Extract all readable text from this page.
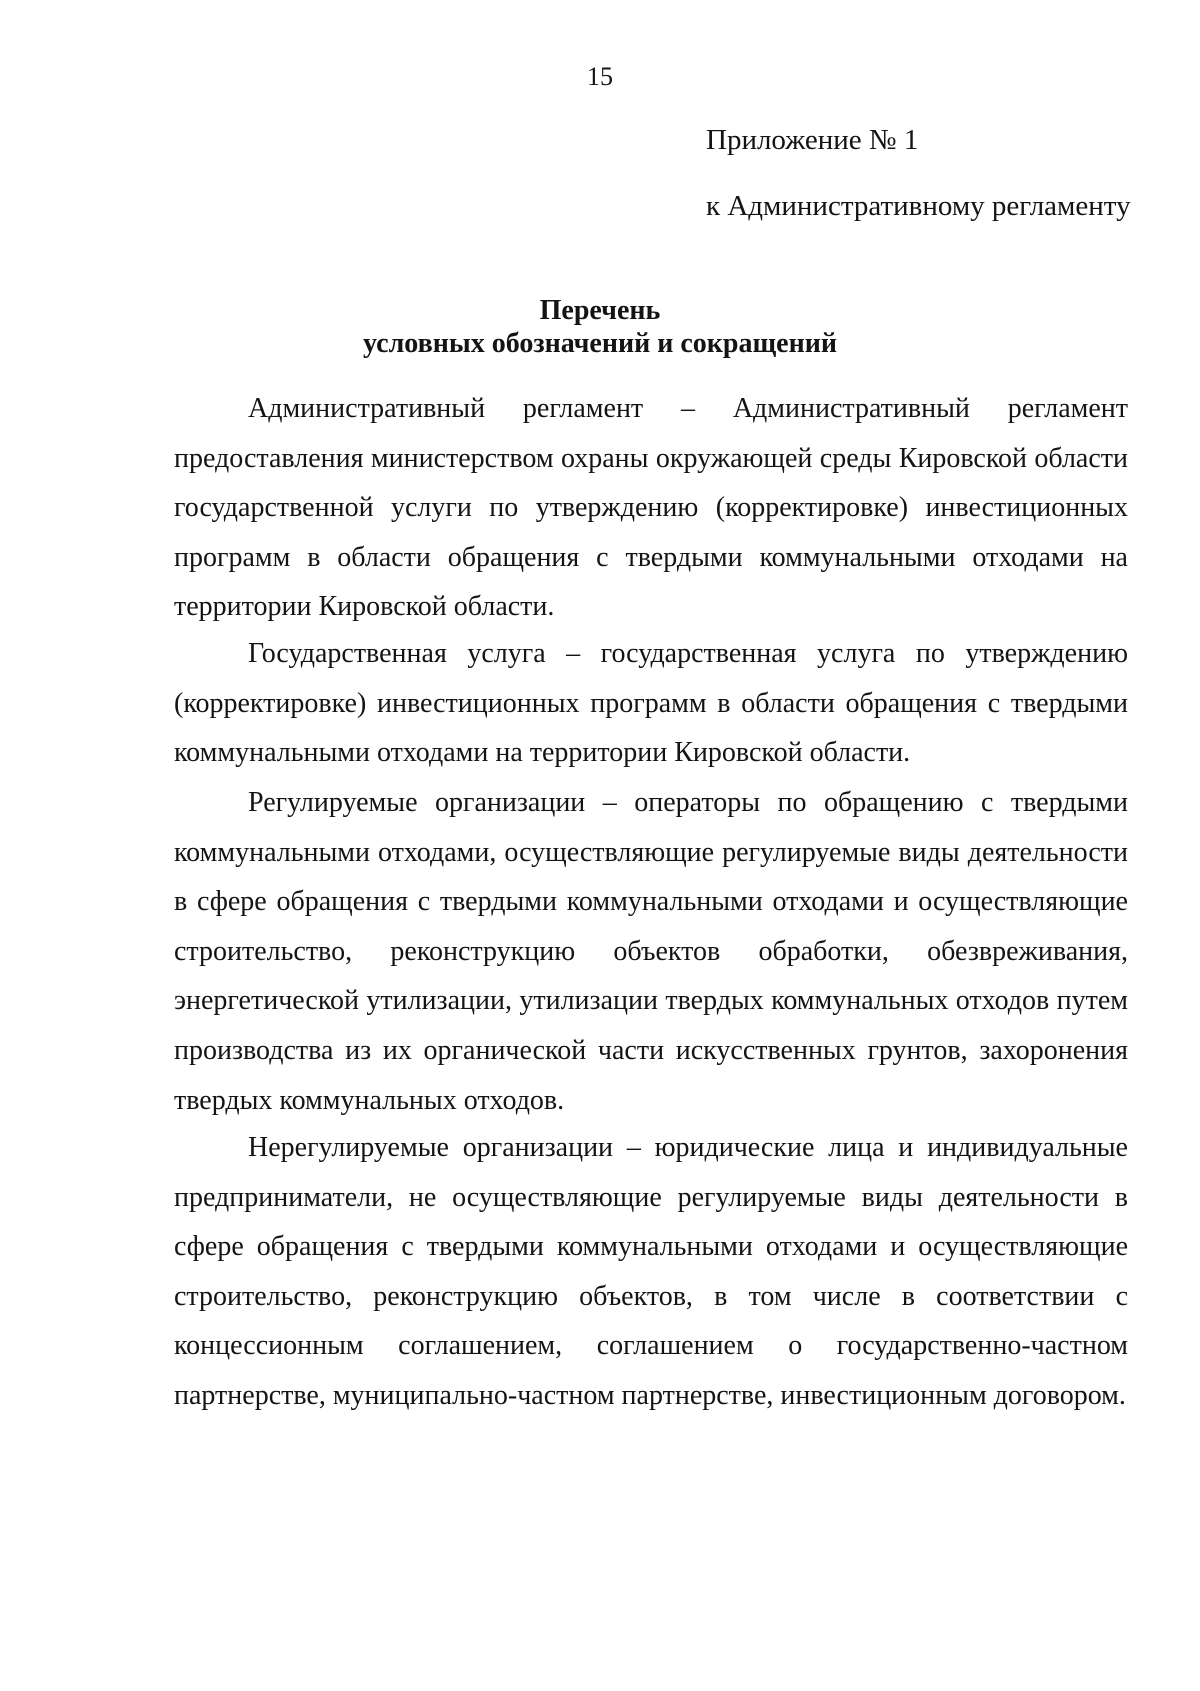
15
Приложение № 1
к Административному регламенту
Перечень
условных обозначений и сокращений

Административный регламент – Административный регламент предоставления министерством охраны окружающей среды Кировской области государственной услуги по утверждению (корректировке) инвестиционных программ в области обращения с твердыми коммунальными отходами на территории Кировской области.

Государственная услуга – государственная услуга по утверждению (корректировке) инвестиционных программ в области обращения с твердыми коммунальными отходами на территории Кировской области.

Регулируемые организации – операторы по обращению с твердыми коммунальными отходами, осуществляющие регулируемые виды деятельности в сфере обращения с твердыми коммунальными отходами и осуществляющие строительство, реконструкцию объектов обработки, обезвреживания, энергетической утилизации, утилизации твердых коммунальных отходов путем производства из их органической части искусственных грунтов, захоронения твердых коммунальных отходов.

Нерегулируемые организации – юридические лица и индивидуальные предприниматели, не осуществляющие регулируемые виды деятельности в сфере обращения с твердыми коммунальными отходами и осуществляющие строительство, реконструкцию объектов, в том числе в соответствии с концессионным соглашением, соглашением о государственно-частном партнерстве, муниципально-частном партнерстве, инвестиционным договором.
